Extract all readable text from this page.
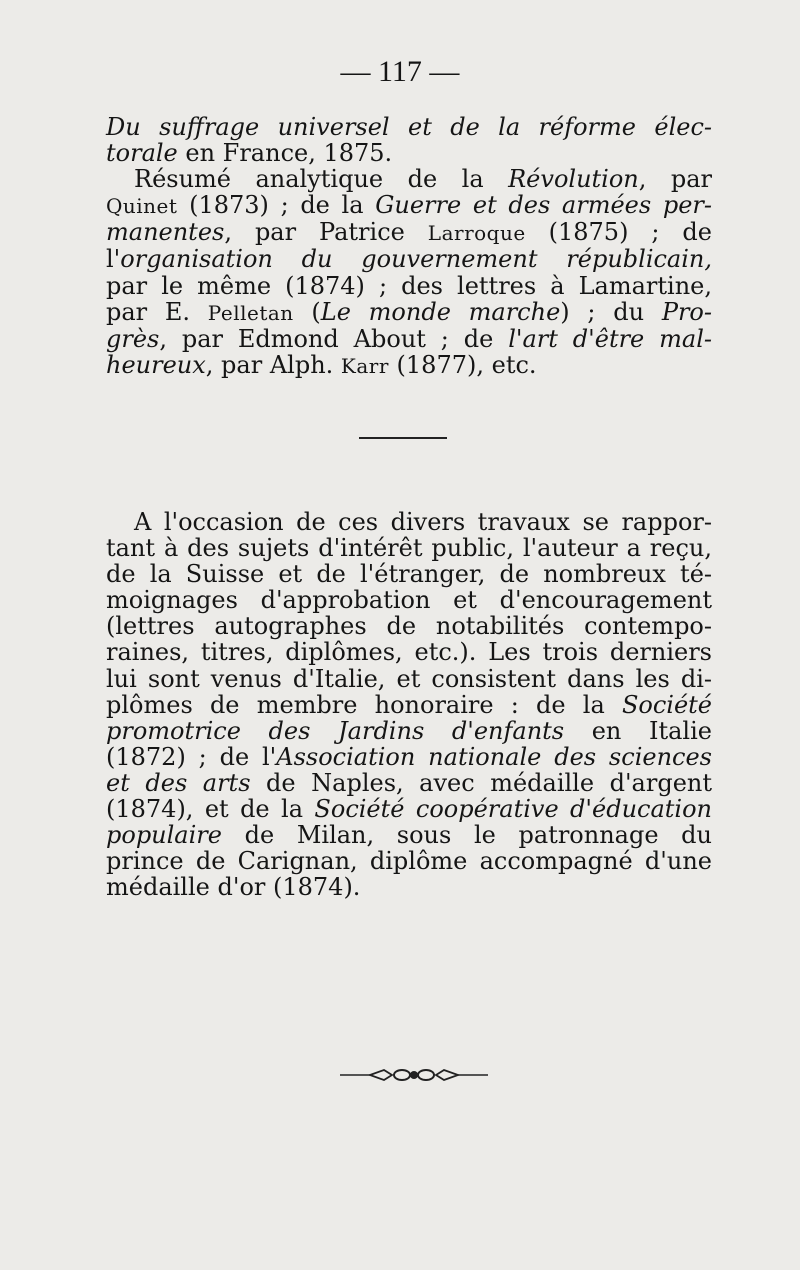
— 117 —
Du suffrage universel et de la réforme élec-
torale en France, 1875.
Résumé analytique de la Révolution, par
Quinet (1873) ; de la Guerre et des armées per-
manentes, par Patrice Larroque (1875) ; de
l'organisation du gouvernement républicain,
par le même (1874) ; des lettres à Lamartine,
par E. Pelletan (Le monde marche) ; du Pro-
grès, par Edmond About ; de l'art d'être mal-
heureux, par Alph. Karr (1877), etc.
A l'occasion de ces divers travaux se rappor-
tant à des sujets d'intérêt public, l'auteur a reçu,
de la Suisse et de l'étranger, de nombreux té-
moignages d'approbation et d'encouragement
(lettres autographes de notabilités contempo-
raines, titres, diplômes, etc.). Les trois derniers
lui sont venus d'Italie, et consistent dans les di-
plômes de membre honoraire : de la Société
promotrice des Jardins d'enfants en Italie
(1872) ; de l'Association nationale des sciences
et des arts de Naples, avec médaille d'argent
(1874), et de la Société coopérative d'éducation
populaire de Milan, sous le patronnage du
prince de Carignan, diplôme accompagné d'une
médaille d'or (1874).
